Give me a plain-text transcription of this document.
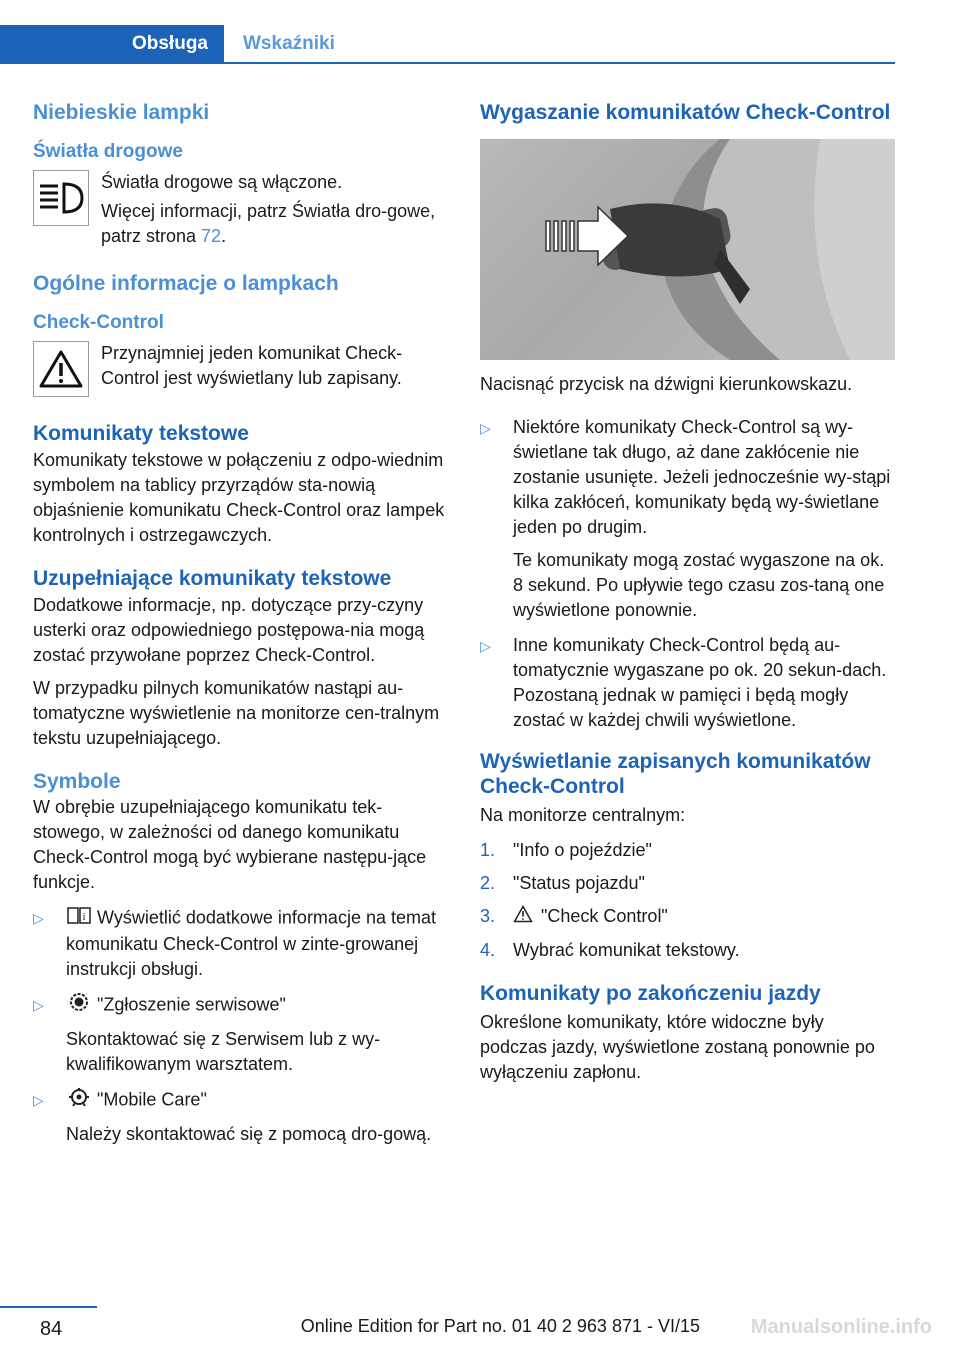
Obsługa	Wskaźniki
Niebieskie lampki
Światła drogowe

Światła drogowe są włączone.

Więcej informacji, patrz Światła dro‐gowe, patrz strona 72.

Ogólne informacje o lampkach
Check-Control

Przynajmniej jeden komunikat Check-Control jest wyświetlany lub zapisany.

Komunikaty tekstowe

Komunikaty tekstowe w połączeniu z odpo‐wiednim symbolem na tablicy przyrządów sta‐nowią objaśnienie komunikatu Check-Control oraz lampek kontrolnych i ostrzegawczych.

Uzupełniające komunikaty tekstowe

Dodatkowe informacje, np. dotyczące przy‐czyny usterki oraz odpowiedniego postępowa‐nia mogą zostać przywołane poprzez Check-Control.

W przypadku pilnych komunikatów nastąpi au‐tomatyczne wyświetlenie na monitorze cen‐tralnym tekstu uzupełniającego.

Symbole

W obrębie uzupełniającego komunikatu tek‐stowego, w zależności od danego komunikatu Check-Control mogą być wybierane następu‐jące funkcje.

▷	i Wyświetlić dodatkowe informacje na temat komunikatu Check-Control w zinte‐growanej instrukcji obsługi.
▷	"Zgłoszenie serwisowe"

Skontaktować się z Serwisem lub z wy‐kwalifikowanym warsztatem.

▷	"Mobile Care"

Należy skontaktować się z pomocą dro‐gową.

Wygaszanie komunikatów Check-Control

Nacisnąć przycisk na dźwigni kierunkowskazu.

▷	Niektóre komunikaty Check-Control są wy‐świetlane tak długo, aż dane zakłócenie nie zostanie usunięte. Jeżeli jednocześnie wy‐stąpi kilka zakłóceń, komunikaty będą wy‐świetlane jeden po drugim.

Te komunikaty mogą zostać wygaszone na ok. 8 sekund. Po upływie tego czasu zos‐taną one wyświetlone ponownie.

▷	Inne komunikaty Check-Control będą au‐tomatycznie wygaszane po ok. 20 sekun‐dach. Pozostaną jednak w pamięci i będą mogły zostać w każdej chwili wyświetlone.

Wyświetlanie zapisanych komunikatów Check-Control

Na monitorze centralnym:

1. "Info o pojeździe"
2. "Status pojazdu"
3.	"Check Control"
4. Wybrać komunikat tekstowy.
Komunikaty po zakończeniu jazdy

Określone komunikaty, które widoczne były podczas jazdy, wyświetlone zostaną ponownie po wyłączeniu zapłonu.

84	Online Edition for Part no. 01 40 2 963 871 - VI/15	Manualsonline.info
